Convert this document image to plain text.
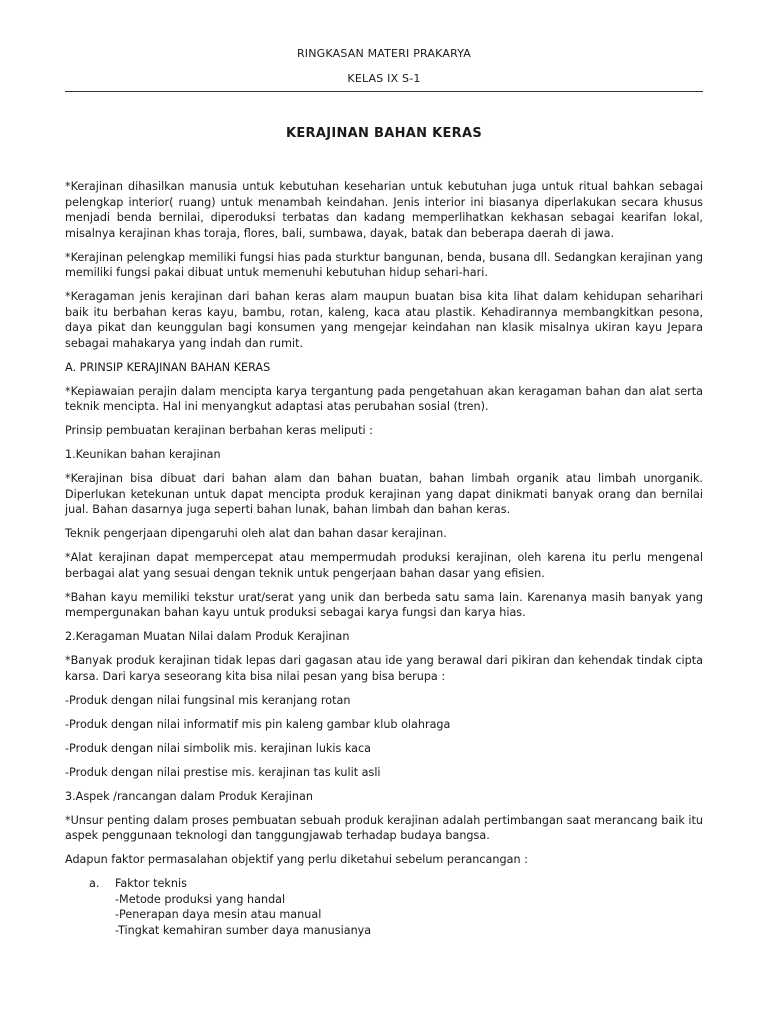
RINGKASAN MATERI PRAKARYA
KELAS IX S-1
KERAJINAN BAHAN KERAS

*Kerajinan dihasilkan manusia untuk kebutuhan keseharian untuk kebutuhan juga untuk ritual bahkan sebagai pelengkap interior( ruang) untuk menambah keindahan. Jenis interior ini biasanya diperlakukan secara khusus menjadi benda bernilai, diperoduksi terbatas dan kadang memperlihatkan kekhasan sebagai kearifan lokal, misalnya kerajinan khas toraja, flores, bali, sumbawa, dayak, batak dan beberapa daerah di jawa.

*Kerajinan pelengkap memiliki fungsi hias pada sturktur bangunan, benda, busana dll. Sedangkan kerajinan yang memiliki fungsi pakai dibuat untuk memenuhi kebutuhan hidup sehari-hari.

*Keragaman jenis kerajinan dari bahan keras alam maupun buatan bisa kita lihat dalam kehidupan seharihari baik itu berbahan keras kayu, bambu, rotan, kaleng, kaca atau plastik. Kehadirannya membangkitkan pesona, daya pikat dan keunggulan bagi konsumen yang mengejar keindahan nan klasik misalnya ukiran kayu Jepara sebagai mahakarya yang indah dan rumit.

A. PRINSIP KERAJINAN BAHAN KERAS

*Kepiawaian perajin dalam mencipta karya tergantung pada pengetahuan akan keragaman bahan dan alat serta teknik mencipta. Hal ini menyangkut adaptasi atas perubahan sosial (tren).

Prinsip pembuatan kerajinan berbahan keras meliputi :

1.Keunikan bahan kerajinan

*Kerajinan bisa dibuat dari bahan alam dan bahan buatan, bahan limbah organik atau limbah unorganik. Diperlukan ketekunan untuk dapat mencipta produk kerajinan yang dapat dinikmati banyak orang dan bernilai jual. Bahan dasarnya juga seperti bahan lunak, bahan limbah dan bahan keras.

Teknik pengerjaan dipengaruhi oleh alat dan bahan dasar kerajinan.

*Alat kerajinan dapat mempercepat atau mempermudah produksi kerajinan, oleh karena itu perlu mengenal berbagai alat yang sesuai dengan teknik untuk pengerjaan bahan dasar yang efisien.

*Bahan kayu memiliki tekstur urat/serat yang unik dan berbeda satu sama lain. Karenanya masih banyak yang mempergunakan bahan kayu untuk produksi sebagai karya fungsi dan karya hias.

2.Keragaman Muatan Nilai dalam Produk Kerajinan

*Banyak produk kerajinan tidak lepas dari gagasan atau ide yang berawal dari pikiran dan kehendak tindak cipta karsa. Dari karya seseorang kita bisa nilai pesan yang bisa berupa :

-Produk dengan nilai fungsinal mis keranjang rotan

-Produk dengan nilai informatif mis pin kaleng gambar klub olahraga

-Produk dengan nilai simbolik mis. kerajinan lukis kaca

-Produk dengan nilai prestise mis. kerajinan tas kulit asli

3.Aspek /rancangan dalam Produk Kerajinan

*Unsur penting dalam proses pembuatan sebuah produk kerajinan adalah pertimbangan saat merancang baik itu aspek penggunaan teknologi dan tanggungjawab terhadap budaya bangsa.

Adapun faktor permasalahan objektif yang perlu diketahui sebelum perancangan :

a.	Faktor teknis
-Metode produksi yang handal
-Penerapan daya mesin atau manual
-Tingkat kemahiran sumber daya manusianya
